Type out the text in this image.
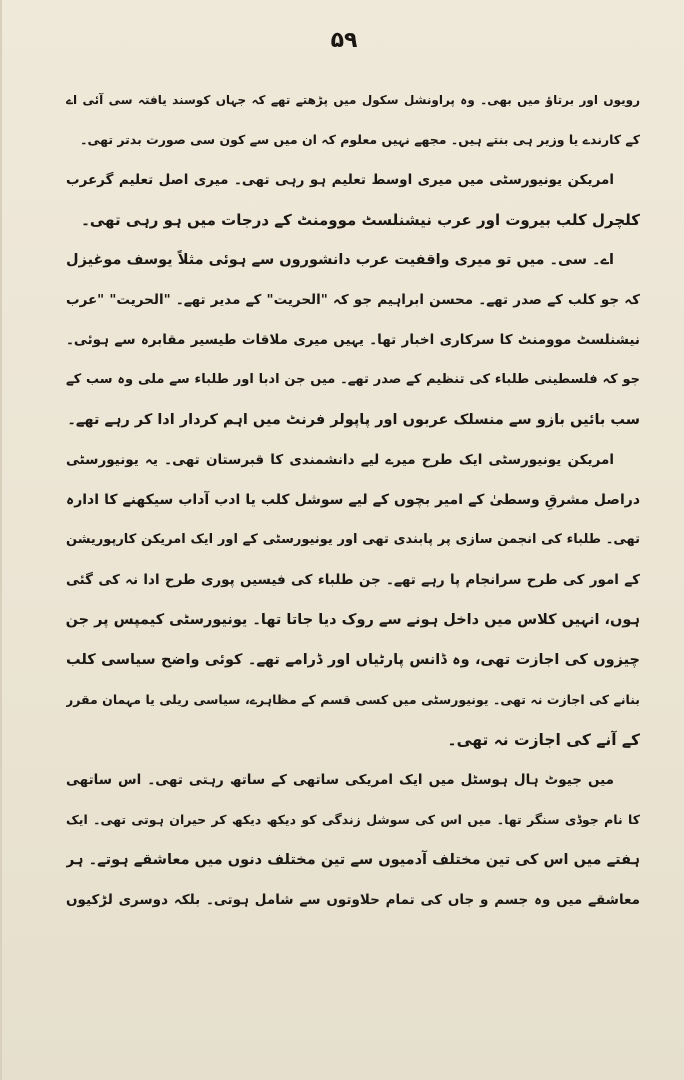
۵۹
رویوں اور برتاؤ میں بھی۔ وہ پراونشل سکول میں پڑھتے تھے کہ جہاں کوسند یافتہ سی آئی اے
کے کارندے یا وزیر ہی بنتے ہیں۔ مجھے نہیں معلوم کہ ان میں سے کون سی صورت بدتر تھی۔
امریکن یونیورسٹی میں میری اوسط تعلیم ہو رہی تھی۔ میری اصل تعلیم گرعرب
کلچرل کلب بیروت اور عرب نیشنلسٹ موومنٹ کے درجات میں ہو رہی تھی۔
اے۔ سی۔ میں تو میری واقفیت عرب دانشوروں سے ہوئی مثلاً یوسف موغیزل
کہ جو کلب کے صدر تھے۔ محسن ابراہیم جو کہ "الحریت" کے مدیر تھے۔ "الحریت" "عرب
نیشنلسٹ موومنٹ کا سرکاری اخبار تھا۔ یہیں میری ملاقات طیسیر مقابرہ سے ہوئی۔
جو کہ فلسطینی طلباء کی تنظیم کے صدر تھے۔ میں جن ادبا اور طلباء سے ملی وہ سب کے
سب بائیں بازو سے منسلک عربوں اور پاپولر فرنٹ میں اہم کردار ادا کر رہے تھے۔
امریکن یونیورسٹی ایک طرح میرے لیے دانشمندی کا قبرستان تھی۔ یہ یونیورسٹی
دراصل مشرقِ وسطیٰ کے امیر بچوں کے لیے سوشل کلب یا ادب آداب سیکھنے کا ادارہ
تھی۔ طلباء کی انجمن سازی پر پابندی تھی اور یونیورسٹی کے اور ایک امریکن کارپوریشن
کے امور کی طرح سرانجام پا رہے تھے۔ جن طلباء کی فیسیں پوری طرح ادا نہ کی گئی
ہوں، انہیں کلاس میں داخل ہونے سے روک دیا جاتا تھا۔ یونیورسٹی کیمپس پر جن
چیزوں کی اجازت تھی، وہ ڈانس پارٹیاں اور ڈرامے تھے۔ کوئی واضح سیاسی کلب
بنانے کی اجازت نہ تھی۔ یونیورسٹی میں کسی قسم کے مظاہرے، سیاسی ریلی یا مہمان مقرر
کے آنے کی اجازت نہ تھی۔
میں جیوٹ ہال ہوسٹل میں ایک امریکی ساتھی کے ساتھ رہتی تھی۔ اس ساتھی
کا نام جوڈی سنگر تھا۔ میں اس کی سوشل زندگی کو دیکھ دیکھ کر حیران ہوتی تھی۔ ایک
ہفتے میں اس کی تین مختلف آدمیوں سے تین مختلف دنوں میں معاشقے ہوتے۔ ہر
معاشقے میں وہ جسم و جاں کی تمام حلاوتوں سے شامل ہوتی۔ بلکہ دوسری لڑکیوں
